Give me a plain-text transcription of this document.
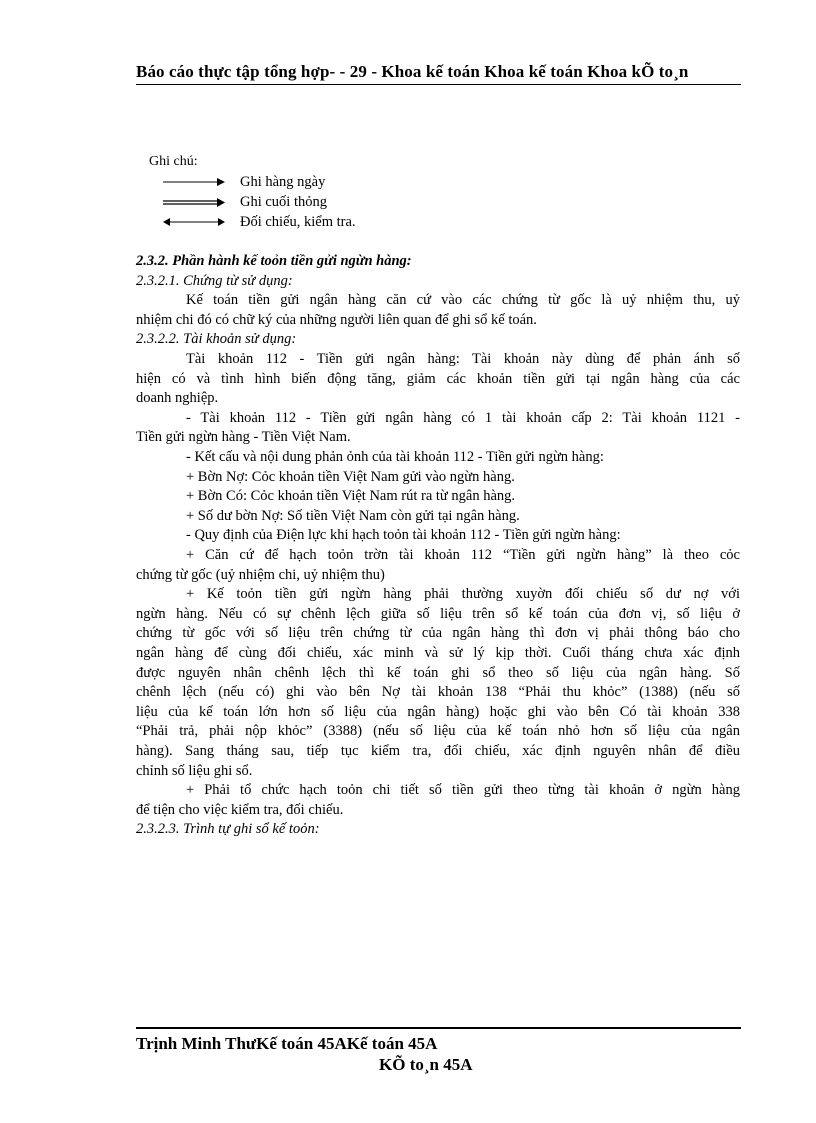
Báo cáo thực tập tổng hợp- - 29 - Khoa kế toán Khoa kế toán Khoa kÕ to¸n
Ghi chú:
Ghi hàng ngày
Ghi cuối thỏng
Đối chiếu, kiểm tra.
2.3.2. Phần hành kế toỏn tiền gửi ngừn hàng:
2.3.2.1. Chứng từ sử dụng:
Kế toán tiền gửi ngân hàng căn cứ vào các chứng từ gốc là uỷ nhiệm thu, uỷ
nhiệm chi đó có chữ ký của những người liên quan để ghi sổ kế toán.
2.3.2.2. Tài khoản sử dụng:
Tài khoản 112 - Tiền gửi ngân hàng: Tài khoản này dùng để phản ánh số
hiện có và tình hình biến động tăng, giảm các khoản tiền gửi tại ngân hàng của các
doanh nghiệp.
- Tài khoản 112 - Tiền gửi ngân hàng có 1 tài khoản cấp 2: Tài khoản 1121 -
Tiền gửi ngừn hàng - Tiền Việt Nam.
- Kết cấu và nội dung phản ỏnh của tài khoản 112 - Tiền gửi ngừn hàng:
+ Bờn Nợ: Cỏc khoản tiền Việt Nam gửi vào ngừn hàng.
+ Bờn Có: Cỏc khoản tiền Việt Nam rút ra từ ngân hàng.
+ Số dư bờn Nợ: Số tiền Việt Nam còn gửi tại ngân hàng.
- Quy định của Điện lực khi hạch toỏn tài khoản 112 - Tiền gửi ngừn hàng:
+ Căn cứ để hạch toỏn trờn tài khoản 112 “Tiền gửi ngừn hàng” là theo cỏc
chứng từ gốc (uỷ nhiệm chi, uỷ nhiệm thu)
+ Kế toỏn tiền gửi ngừn hàng phải thường xuyờn đối chiếu số dư nợ với
ngừn hàng. Nếu có sự chênh lệch giữa số liệu trên sổ kế toán của đơn vị, số liệu ở
chứng từ gốc với số liệu trên chứng từ của ngân hàng thì đơn vị phải thông báo cho
ngân hàng để cùng đối chiếu, xác minh và sử lý kịp thời. Cuối tháng chưa xác định
được nguyên nhân chênh lệch thì kế toán ghi sổ theo số liệu của ngân hàng. Số
chênh lệch (nếu có) ghi vào bên Nợ tài khoản 138 “Phải thu khỏc” (1388) (nếu số
liệu của kế toán lớn hơn số liệu của ngân hàng) hoặc ghi vào bên Có tài khoản 338
“Phải trả, phải nộp khỏc” (3388) (nếu số liệu của kế toán nhỏ hơn số liệu của ngân
hàng). Sang tháng sau, tiếp tục kiểm tra, đối chiếu, xác định nguyên nhân để điều
chỉnh số liệu ghi sổ.
+ Phải tổ chức hạch toỏn chi tiết số tiền gửi theo từng tài khoản ở ngừn hàng
để tiện cho việc kiểm tra, đối chiếu.
2.3.2.3. Trình tự ghi sổ kế toỏn:
Trịnh Minh ThưKế toán 45AKế toán 45A
KÕ to¸n 45A
